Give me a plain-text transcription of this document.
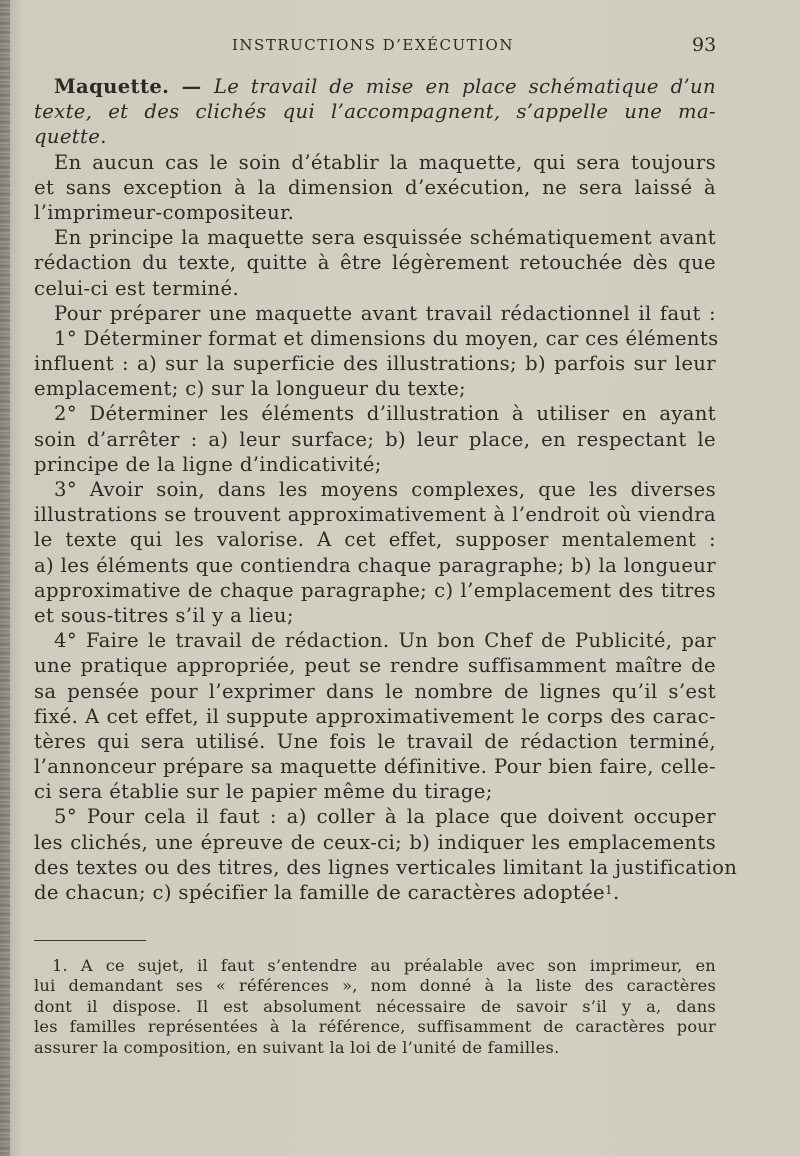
INSTRUCTIONS D’EXÉCUTION	93
Maquette. — Le travail de mise en place schématique d’un
texte, et des clichés qui l’accompagnent, s’appelle une ma-
quette.
En aucun cas le soin d’établir la maquette, qui sera toujours
et sans exception à la dimension d’exécution, ne sera laissé à
l’imprimeur-compositeur.
En principe la maquette sera esquissée schématiquement avant
rédaction du texte, quitte à être légèrement retouchée dès que
celui-ci est terminé.
Pour préparer une maquette avant travail rédactionnel il faut :
1° Déterminer format et dimensions du moyen, car ces éléments
influent : a) sur la superficie des illustrations; b) parfois sur leur
emplacement; c) sur la longueur du texte;
2° Déterminer les éléments d’illustration à utiliser en ayant
soin d’arrêter : a) leur surface; b) leur place, en respectant le
principe de la ligne d’indicativité;
3° Avoir soin, dans les moyens complexes, que les diverses
illustrations se trouvent approximativement à l’endroit où viendra
le texte qui les valorise. A cet effet, supposer mentalement :
a) les éléments que contiendra chaque paragraphe; b) la longueur
approximative de chaque paragraphe; c) l’emplacement des titres
et sous-titres s’il y a lieu;
4° Faire le travail de rédaction. Un bon Chef de Publicité, par
une pratique appropriée, peut se rendre suffisamment maître de
sa pensée pour l’exprimer dans le nombre de lignes qu’il s’est
fixé. A cet effet, il suppute approximativement le corps des carac-
tères qui sera utilisé. Une fois le travail de rédaction terminé,
l’annonceur prépare sa maquette définitive. Pour bien faire, celle-
ci sera établie sur le papier même du tirage;
5° Pour cela il faut : a) coller à la place que doivent occuper
les clichés, une épreuve de ceux-ci; b) indiquer les emplacements
des textes ou des titres, des lignes verticales limitant la justification
de chacun; c) spécifier la famille de caractères adoptée$^1$.
1. A ce sujet, il faut s’entendre au préalable avec son imprimeur, en
lui demandant ses « références », nom donné à la liste des caractères
dont il dispose. Il est absolument nécessaire de savoir s’il y a, dans
les familles représentées à la référence, suffisamment de caractères pour
assurer la composition, en suivant la loi de l’unité de familles.
